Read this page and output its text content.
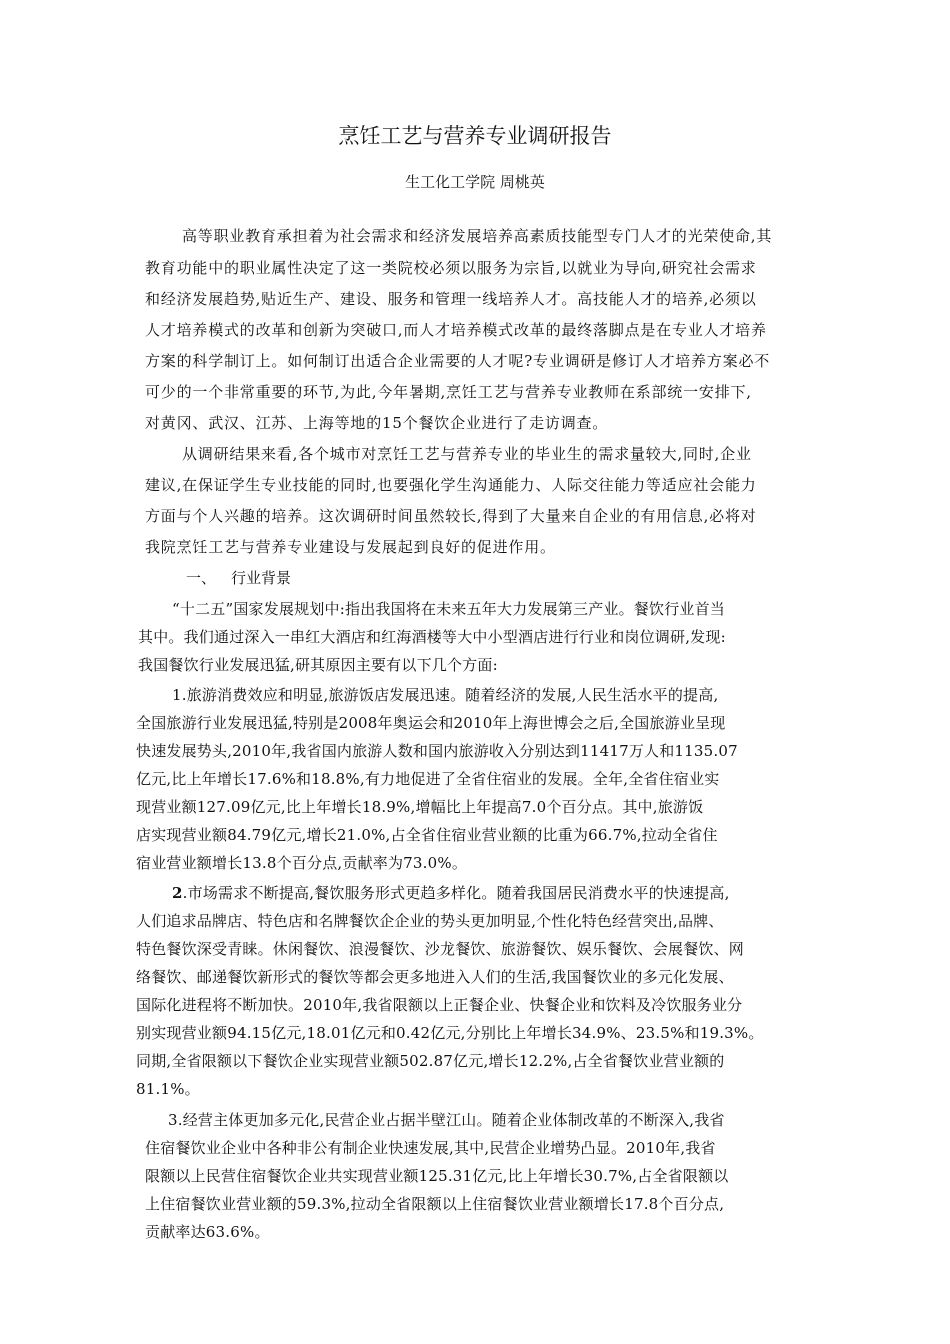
烹饪工艺与营养专业调研报告
生工化工学院 周桃英
高等职业教育承担着为社会需求和经济发展培养高素质技能型专门人才的光荣使命,其
教育功能中的职业属性决定了这一类院校必须以服务为宗旨,以就业为导向,研究社会需求
和经济发展趋势,贴近生产、建设、服务和管理一线培养人才。高技能人才的培养,必须以
人才培养模式的改革和创新为突破口,而人才培养模式改革的最终落脚点是在专业人才培养
方案的科学制订上。如何制订出适合企业需要的人才呢?专业调研是修订人才培养方案必不
可少的一个非常重要的环节,为此,今年暑期,烹饪工艺与营养专业教师在系部统一安排下,
对黄冈、武汉、江苏、上海等地的15个餐饮企业进行了走访调查。
从调研结果来看,各个城市对烹饪工艺与营养专业的毕业生的需求量较大,同时,企业
建议,在保证学生专业技能的同时,也要强化学生沟通能力、人际交往能力等适应社会能力
方面与个人兴趣的培养。这次调研时间虽然较长,得到了大量来自企业的有用信息,必将对
我院烹饪工艺与营养专业建设与发展起到良好的促进作用。
一、 行业背景
“十二五”国家发展规划中:指出我国将在未来五年大力发展第三产业。餐饮行业首当
其中。我们通过深入一串红大酒店和红海酒楼等大中小型酒店进行行业和岗位调研,发现:
我国餐饮行业发展迅猛,研其原因主要有以下几个方面:
1.旅游消费效应和明显,旅游饭店发展迅速。随着经济的发展,人民生活水平的提高,
全国旅游行业发展迅猛,特别是2008年奥运会和2010年上海世博会之后,全国旅游业呈现
快速发展势头,2010年,我省国内旅游人数和国内旅游收入分别达到11417万人和1135.07
亿元,比上年增长17.6%和18.8%,有力地促进了全省住宿业的发展。全年,全省住宿业实
现营业额127.09亿元,比上年增长18.9%,增幅比上年提高7.0个百分点。其中,旅游饭
店实现营业额84.79亿元,增长21.0%,占全省住宿业营业额的比重为66.7%,拉动全省住
宿业营业额增长13.8个百分点,贡献率为73.0%。
2.市场需求不断提高,餐饮服务形式更趋多样化。随着我国居民消费水平的快速提高,
人们追求品牌店、特色店和名牌餐饮企企业的势头更加明显,个性化特色经营突出,品牌、
特色餐饮深受青睐。休闲餐饮、浪漫餐饮、沙龙餐饮、旅游餐饮、娱乐餐饮、会展餐饮、网
络餐饮、邮递餐饮新形式的餐饮等都会更多地进入人们的生活,我国餐饮业的多元化发展、
国际化进程将不断加快。2010年,我省限额以上正餐企业、快餐企业和饮料及冷饮服务业分
别实现营业额94.15亿元,18.01亿元和0.42亿元,分别比上年增长34.9%、23.5%和19.3%。
同期,全省限额以下餐饮企业实现营业额502.87亿元,增长12.2%,占全省餐饮业营业额的
81.1%。
3.经营主体更加多元化,民营企业占据半壁江山。随着企业体制改革的不断深入,我省
住宿餐饮业企业中各种非公有制企业快速发展,其中,民营企业增势凸显。2010年,我省
限额以上民营住宿餐饮企业共实现营业额125.31亿元,比上年增长30.7%,占全省限额以
上住宿餐饮业营业额的59.3%,拉动全省限额以上住宿餐饮业营业额增长17.8个百分点,
贡献率达63.6%。
